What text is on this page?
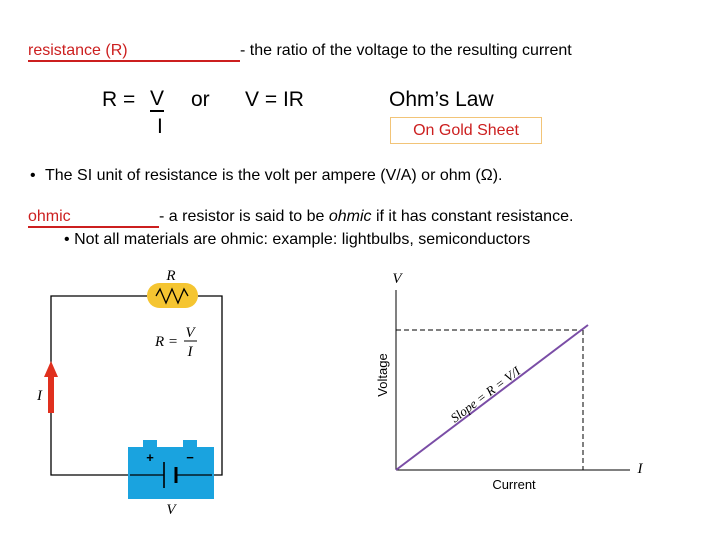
resistance (R)	- the ratio of the voltage to the resulting current
R = V
I
or V = IR	Ohm’s Law
On Gold Sheet
• The SI unit of resistance is the volt per ampere (V/A) or ohm (Ω).
ohmic	- a resistor is said to be ohmic if it has constant resistance.
• Not all materials are ohmic: example: lightbulbs, semiconductors
R
R =
V
I
I
+ −
V
V
Voltage
Current
I
Slope = R = V/I
